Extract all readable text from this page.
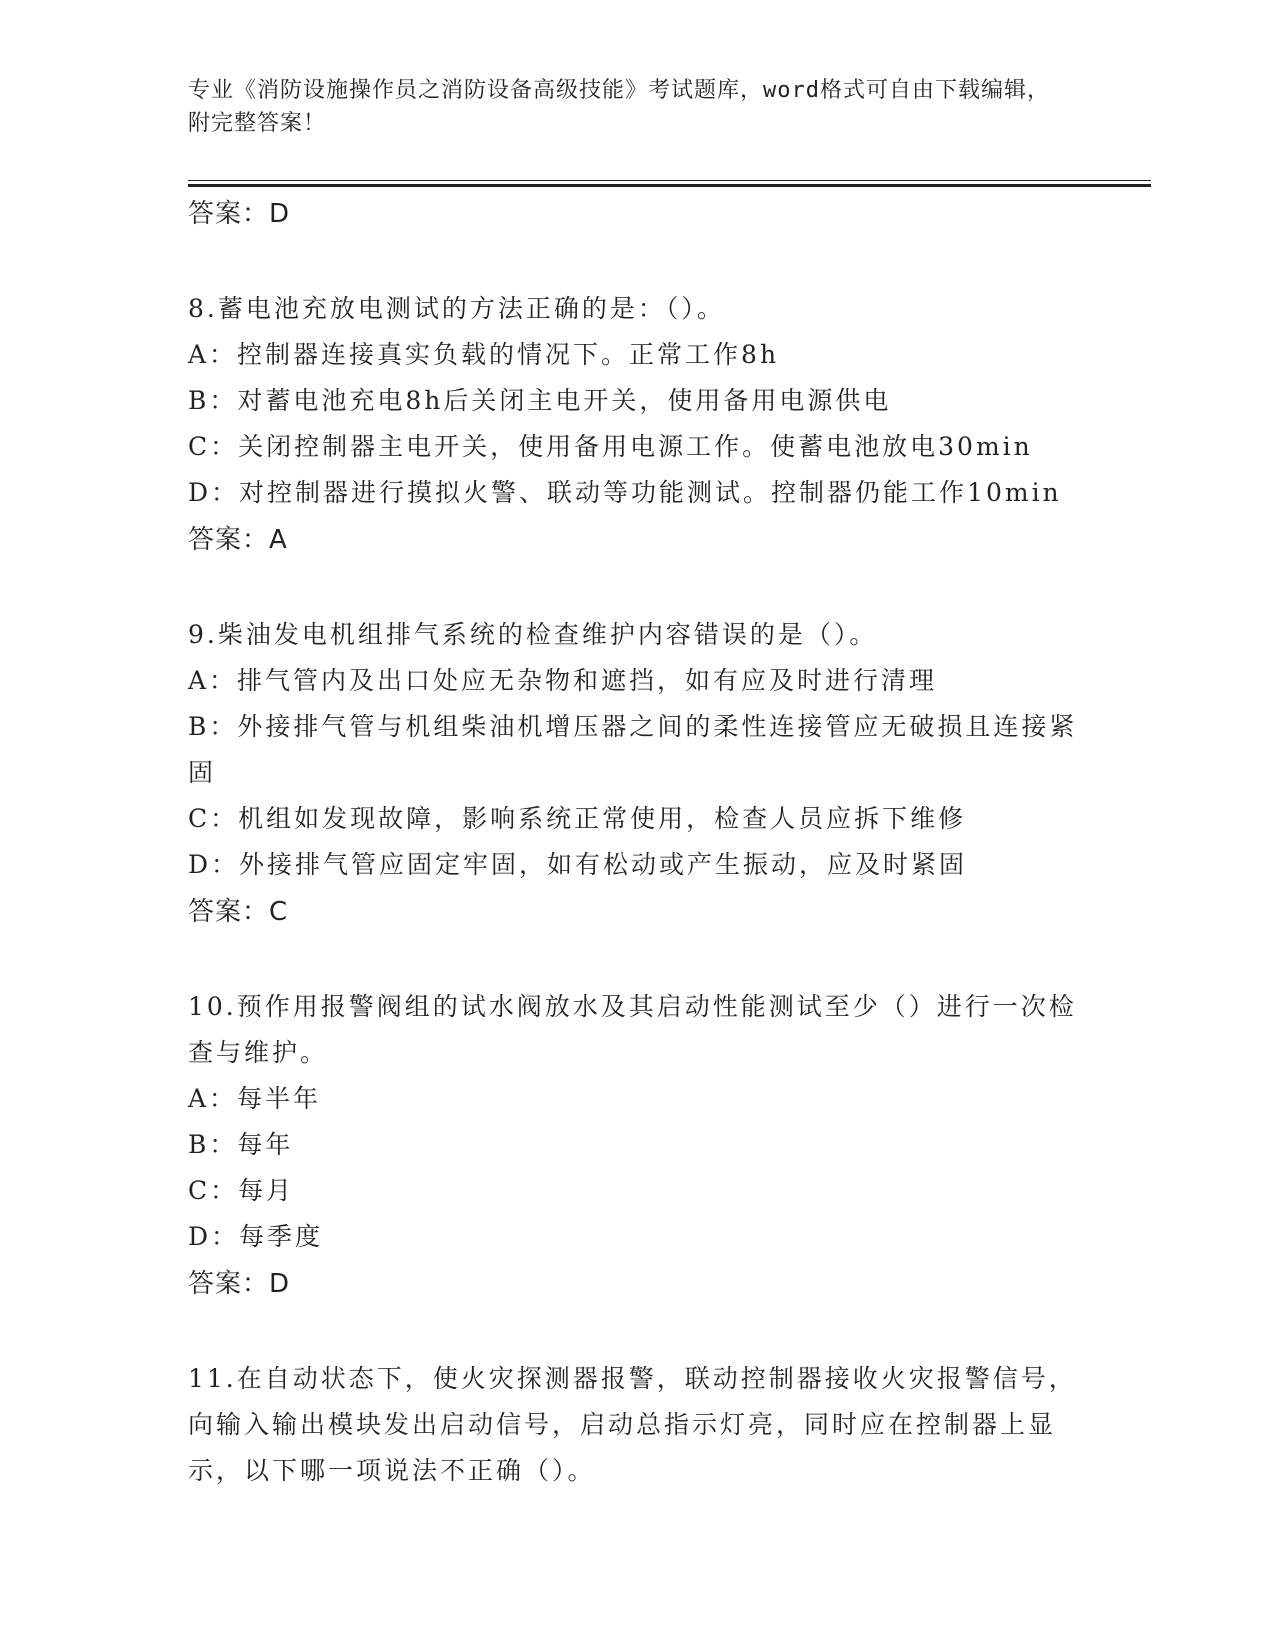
专业《消防设施操作员之消防设备高级技能》考试题库，word格式可自由下载编辑，附完整答案！
答案：D
8.蓄电池充放电测试的方法正确的是：（）。
A：控制器连接真实负载的情况下。正常工作8h
B：对蓄电池充电8h后关闭主电开关，使用备用电源供电
C：关闭控制器主电开关，使用备用电源工作。使蓄电池放电30min
D：对控制器进行摸拟火警、联动等功能测试。控制器仍能工作10min
答案：A
9.柴油发电机组排气系统的检查维护内容错误的是（）。
A：排气管内及出口处应无杂物和遮挡，如有应及时进行清理
B：外接排气管与机组柴油机增压器之间的柔性连接管应无破损且连接紧固
C：机组如发现故障，影响系统正常使用，检查人员应拆下维修
D：外接排气管应固定牢固，如有松动或产生振动，应及时紧固
答案：C
10.预作用报警阀组的试水阀放水及其启动性能测试至少（）进行一次检查与维护。
A：每半年
B：每年
C：每月
D：每季度
答案：D
11.在自动状态下，使火灾探测器报警，联动控制器接收火灾报警信号，向输入输出模块发出启动信号，启动总指示灯亮，同时应在控制器上显示，以下哪一项说法不正确（）。
